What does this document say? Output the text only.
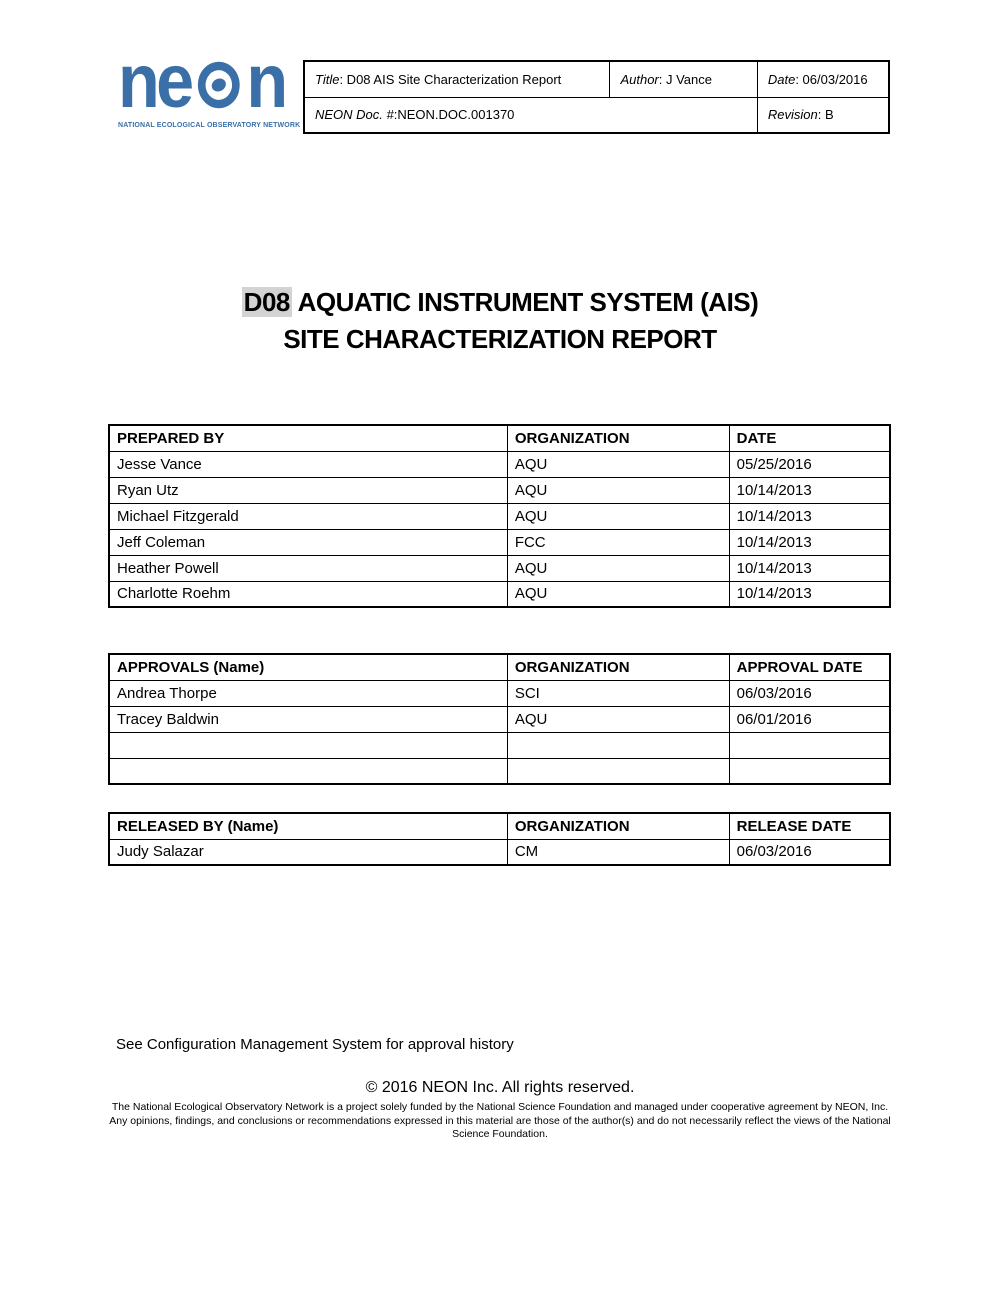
ne n
NATIONAL ECOLOGICAL OBSERVATORY NETWORK
Title: D08 AIS Site Characterization Report	Author: J Vance	Date: 06/03/2016
NEON Doc. #:NEON.DOC.001370		Revision: B
D08 AQUATIC INSTRUMENT SYSTEM (AIS)
SITE CHARACTERIZATION REPORT
PREPARED BY	ORGANIZATION	DATE
Jesse Vance	AQU	05/25/2016
Ryan Utz	AQU	10/14/2013
Michael Fitzgerald	AQU	10/14/2013
Jeff Coleman	FCC	10/14/2013
Heather Powell	AQU	10/14/2013
Charlotte Roehm	AQU	10/14/2013
APPROVALS (Name)	ORGANIZATION	APPROVAL DATE
Andrea Thorpe	SCI	06/03/2016
Tracey Baldwin	AQU	06/01/2016

RELEASED BY (Name)	ORGANIZATION	RELEASE DATE
Judy Salazar	CM	06/03/2016
See Configuration Management System for approval history
© 2016 NEON Inc. All rights reserved.
The National Ecological Observatory Network is a project solely funded by the National Science Foundation and managed under cooperative agreement by NEON, Inc. Any opinions, findings, and conclusions or recommendations expressed in this material are those of the author(s) and do not necessarily reflect the views of the National Science Foundation.
